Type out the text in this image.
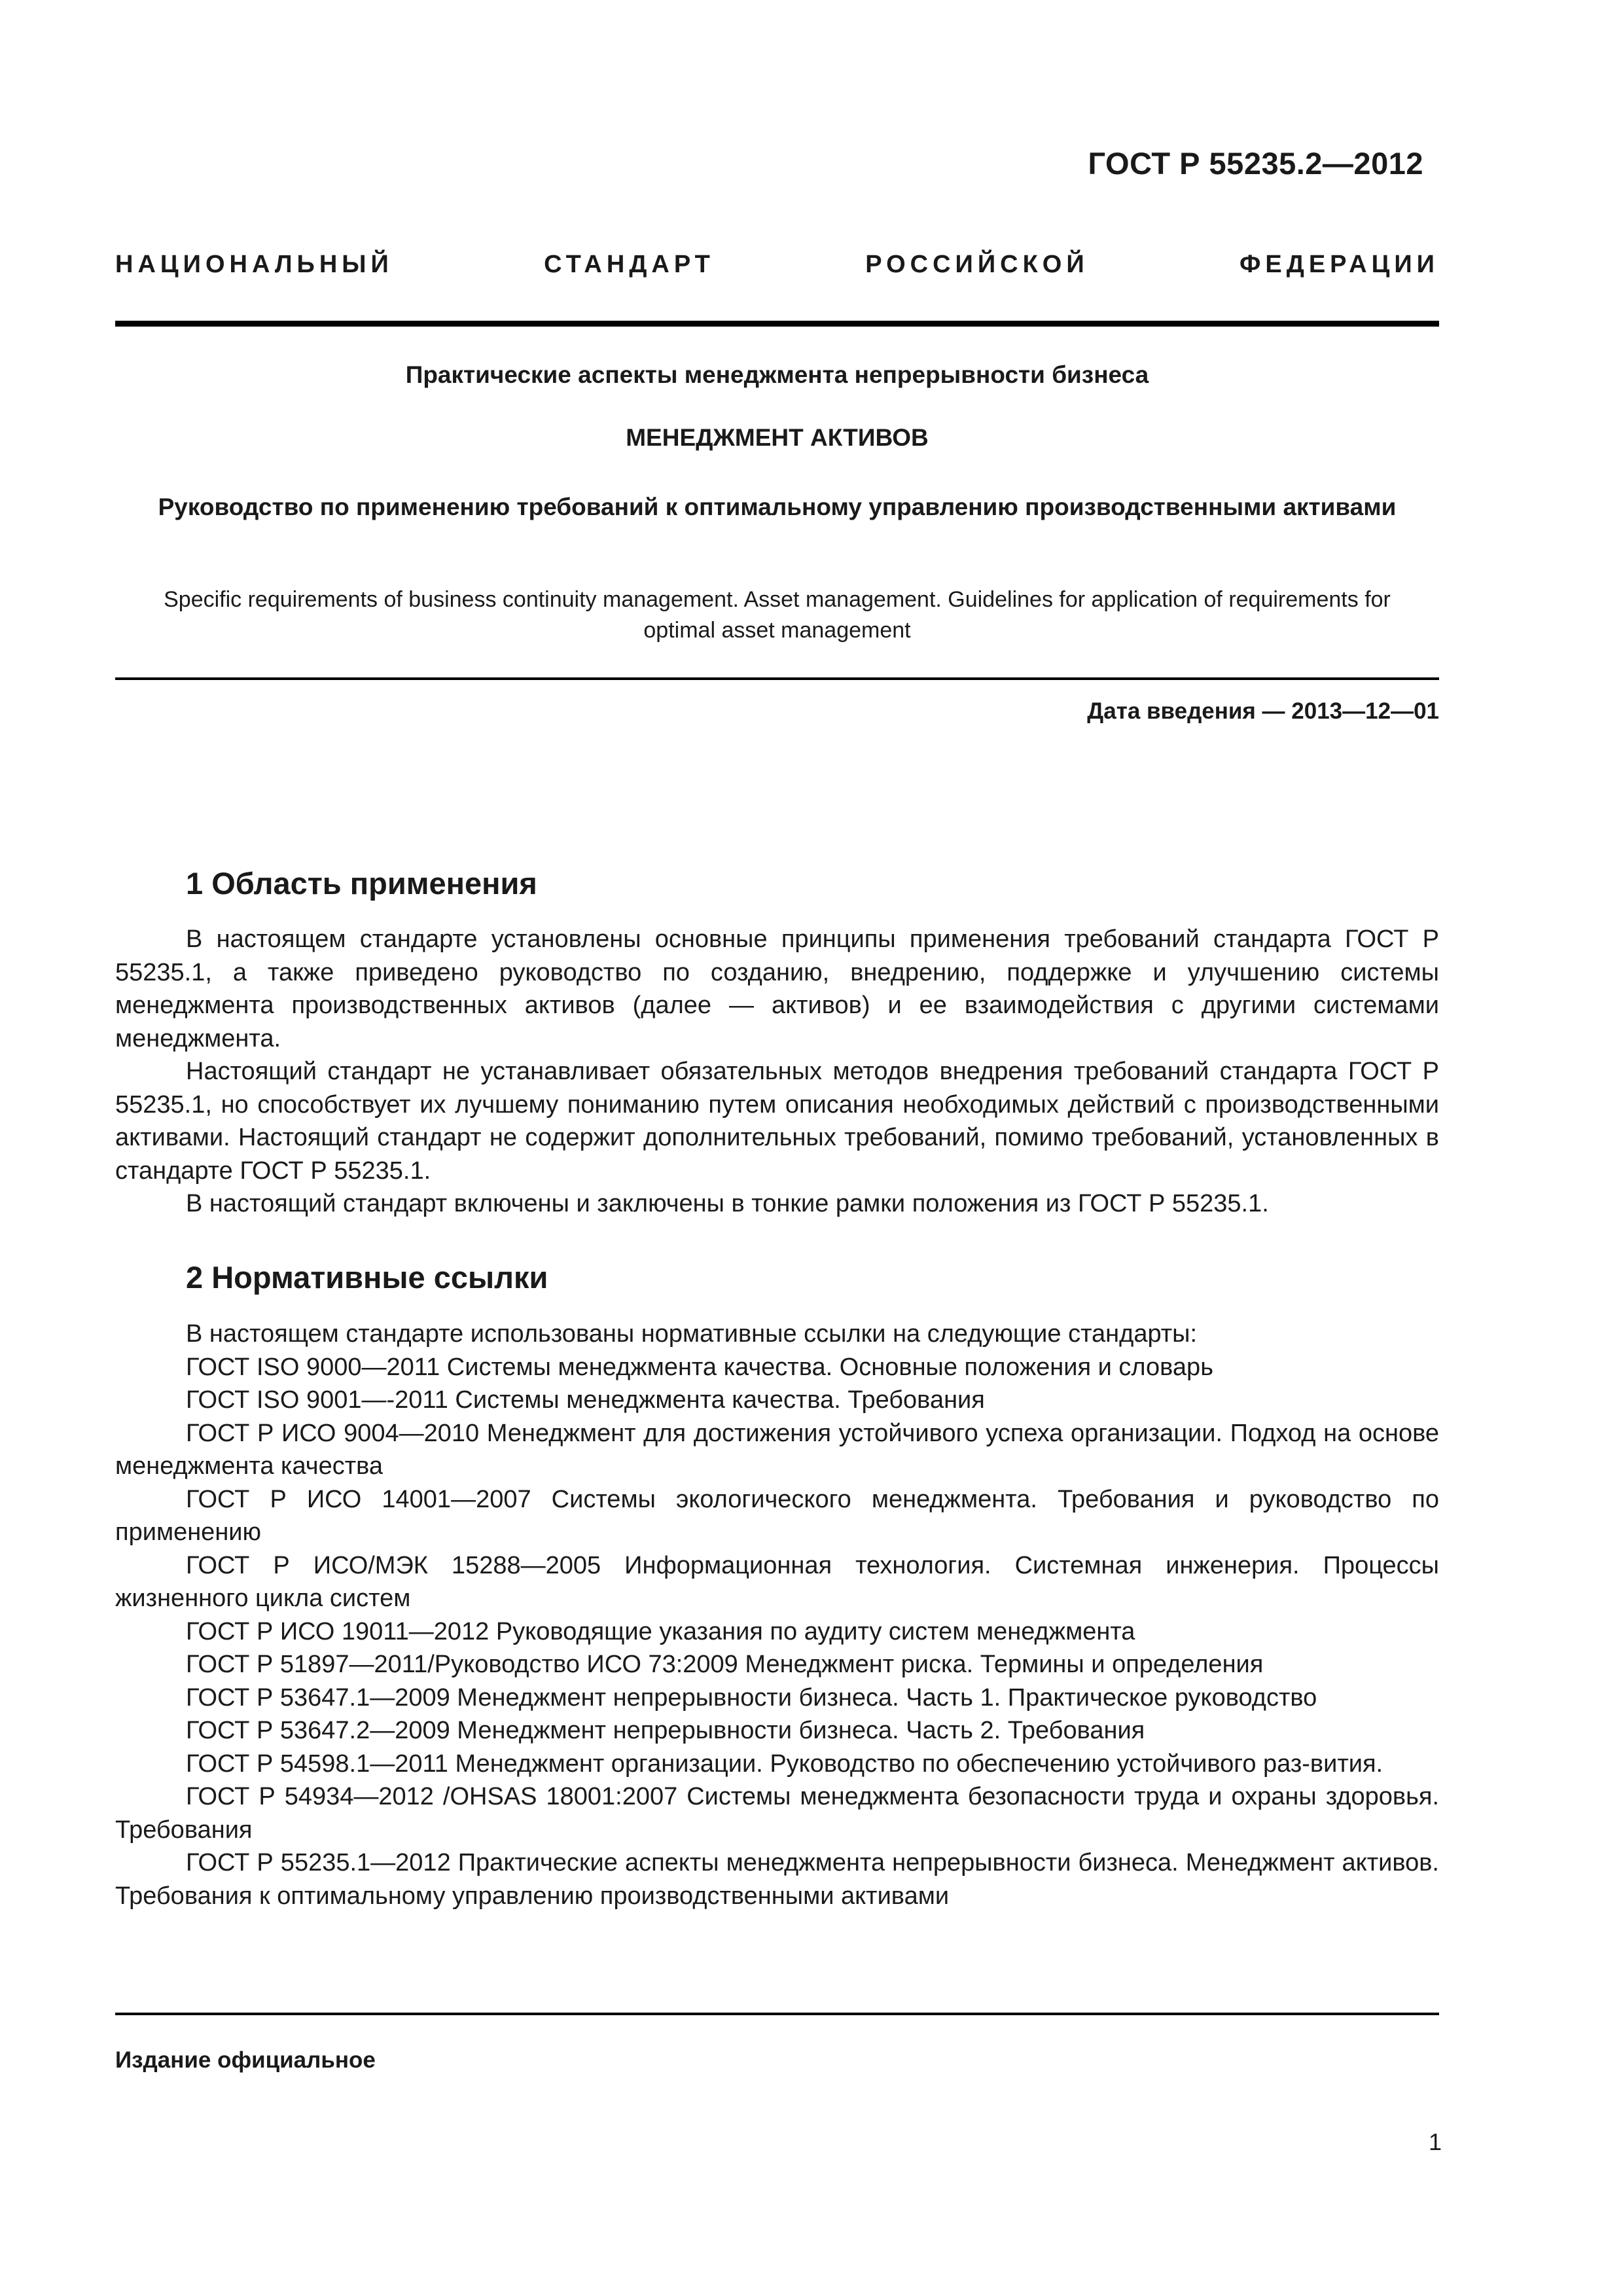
ГОСТ Р 55235.2—2012
НАЦИОНАЛЬНЫЙ СТАНДАРТ РОССИЙСКОЙ ФЕДЕРАЦИИ
Практические аспекты менеджмента непрерывности бизнеса
МЕНЕДЖМЕНТ АКТИВОВ
Руководство по применению требований к оптимальному управлению производственными активами
Specific requirements of business continuity management. Asset management. Guidelines for application of requirements for optimal asset management
Дата введения — 2013—12—01
1 Область применения

В настоящем стандарте установлены основные принципы применения требований стандарта ГОСТ Р 55235.1, а также приведено руководство по созданию, внедрению, поддержке и улучшению системы менеджмента производственных активов (далее — активов) и ее взаимодействия с другими системами менеджмента.

Настоящий стандарт не устанавливает обязательных методов внедрения требований стандарта ГОСТ Р 55235.1, но способствует их лучшему пониманию путем описания необходимых действий с производственными активами. Настоящий стандарт не содержит дополнительных требований, помимо требований, установленных в стандарте ГОСТ Р 55235.1.

В настоящий стандарт включены и заключены в тонкие рамки положения из ГОСТ Р 55235.1.

2 Нормативные ссылки

В настоящем стандарте использованы нормативные ссылки на следующие стандарты:

ГОСТ ISO 9000—2011 Системы менеджмента качества. Основные положения и словарь

ГОСТ ISO 9001—-2011 Системы менеджмента качества. Требования

ГОСТ Р ИСО 9004—2010 Менеджмент для достижения устойчивого успеха организации. Подход на основе менеджмента качества

ГОСТ Р ИСО 14001—2007 Системы экологического менеджмента. Требования и руководство по применению

ГОСТ Р ИСО/МЭК 15288—2005 Информационная технология. Системная инженерия. Процессы жизненного цикла систем

ГОСТ Р ИСО 19011—2012 Руководящие указания по аудиту систем менеджмента

ГОСТ Р 51897—2011/Руководство ИСО 73:2009 Менеджмент риска. Термины и определения

ГОСТ Р 53647.1—2009 Менеджмент непрерывности бизнеса. Часть 1. Практическое руководство

ГОСТ Р 53647.2—2009 Менеджмент непрерывности бизнеса. Часть 2. Требования

ГОСТ Р 54598.1—2011 Менеджмент организации. Руководство по обеспечению устойчивого раз-вития.

ГОСТ Р 54934—2012 /OHSAS 18001:2007 Системы менеджмента безопасности труда и охраны здоровья. Требования

ГОСТ Р 55235.1—2012 Практические аспекты менеджмента непрерывности бизнеса. Менеджмент активов. Требования к оптимальному управлению производственными активами

Издание официальное
1
